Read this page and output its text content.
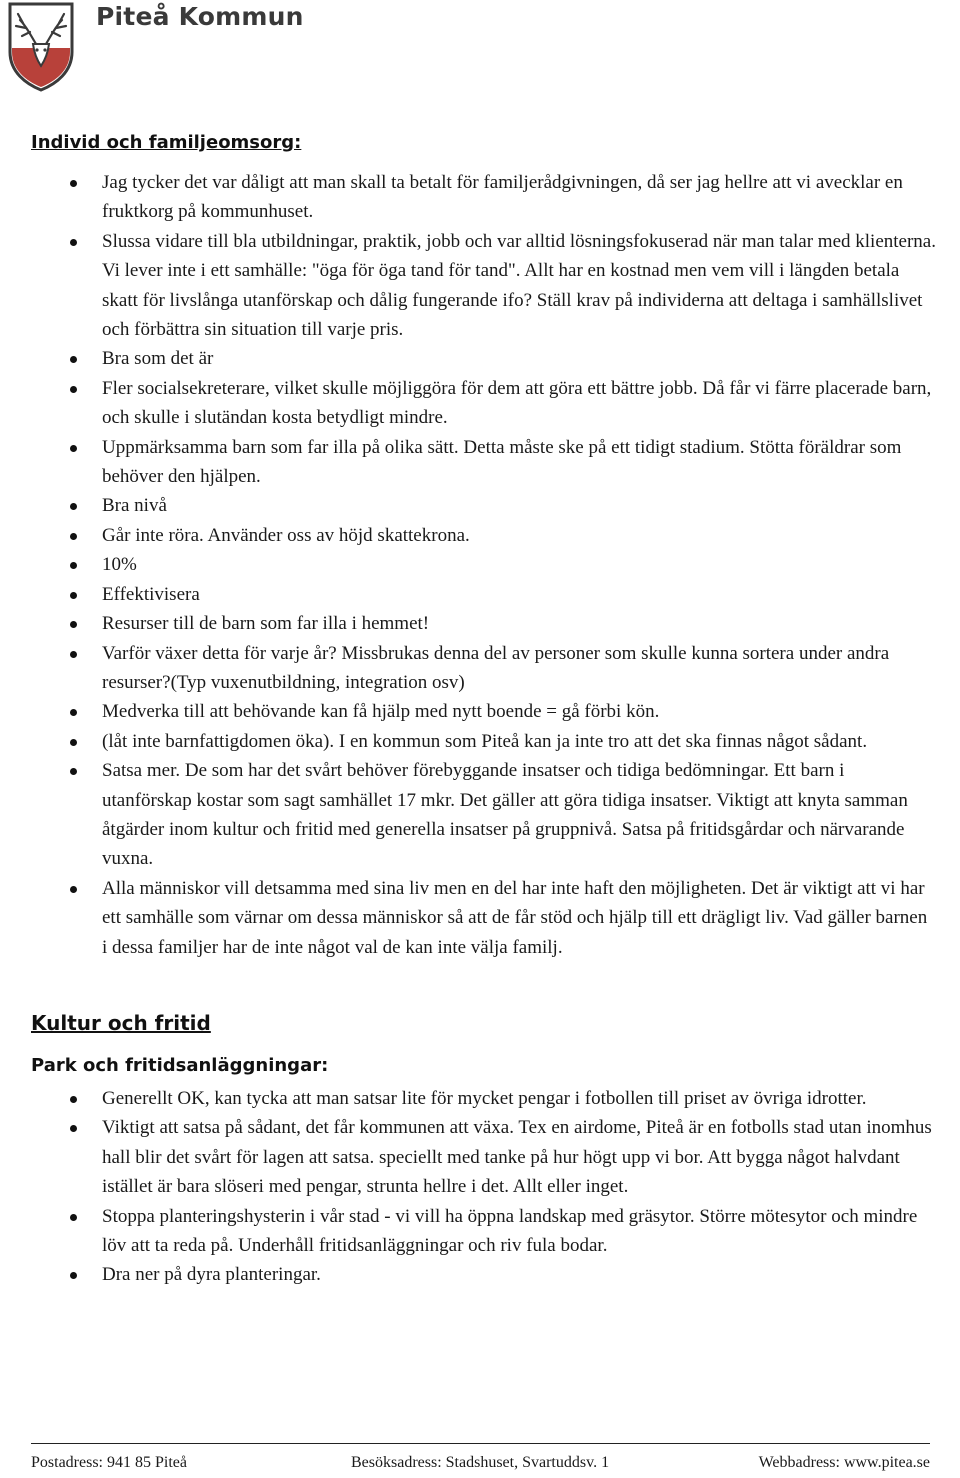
Piteå Kommun
Individ och familjeomsorg:
Jag tycker det var dåligt att man skall ta betalt för familjerådgivningen, då ser jag hellre att vi avecklar en fruktkorg på kommunhuset.
Slussa vidare till bla utbildningar, praktik, jobb och var alltid lösningsfokuserad när man talar med klienterna. Vi lever inte i ett samhälle: "öga för öga tand för tand". Allt har en kostnad men vem vill i längden betala skatt för livslånga utanförskap och dålig fungerande ifo? Ställ krav på individerna att deltaga i samhällslivet och förbättra sin situation till varje pris.
Bra som det är
Fler socialsekreterare, vilket skulle möjliggöra för dem att göra ett bättre jobb. Då får vi färre placerade barn, och skulle i slutändan kosta betydligt mindre.
Uppmärksamma barn som far illa på olika sätt. Detta måste ske på ett tidigt stadium. Stötta föräldrar som behöver den hjälpen.
Bra nivå
Går inte röra. Använder oss av höjd skattekrona.
10%
Effektivisera
Resurser till de barn som far illa i hemmet!
Varför växer detta för varje år? Missbrukas denna del av personer som skulle kunna sortera under andra resurser?(Typ vuxenutbildning, integration osv)
Medverka till att behövande kan få hjälp med nytt boende = gå förbi kön.
(låt inte barnfattigdomen öka). I en kommun som Piteå kan ja inte tro att det ska finnas något sådant.
Satsa mer. De som har det svårt behöver förebyggande insatser och tidiga bedömningar. Ett barn i utanförskap kostar som sagt samhället 17 mkr. Det gäller att göra tidiga insatser. Viktigt att knyta samman åtgärder inom kultur och fritid med generella insatser på gruppnivå. Satsa på fritidsgårdar och närvarande vuxna.
Alla människor vill detsamma med sina liv men en del har inte haft den möjligheten. Det är viktigt att vi har ett samhälle som värnar om dessa människor så att de får stöd och hjälp till ett drägligt liv. Vad gäller barnen i dessa familjer har de inte något val de kan inte välja familj.
Kultur och fritid
Park och fritidsanläggningar:
Generellt OK, kan tycka att man satsar lite för mycket pengar i fotbollen till priset av övriga idrotter.
Viktigt att satsa på sådant, det får kommunen att växa. Tex en airdome, Piteå är en fotbolls stad utan inomhus hall blir det svårt för lagen att satsa. speciellt med tanke på hur högt upp vi bor. Att bygga något halvdant istället är bara slöseri med pengar, strunta hellre i det. Allt eller inget.
Stoppa planteringshysterin i vår stad - vi vill ha öppna landskap med gräsytor. Större mötesytor och mindre löv att ta reda på. Underhåll fritidsanläggningar och riv fula bodar.
Dra ner på dyra planteringar.
Postadress: 941 85 Piteå	Besöksadress: Stadshuset, Svartuddsv. 1	Webbadress: www.pitea.se
